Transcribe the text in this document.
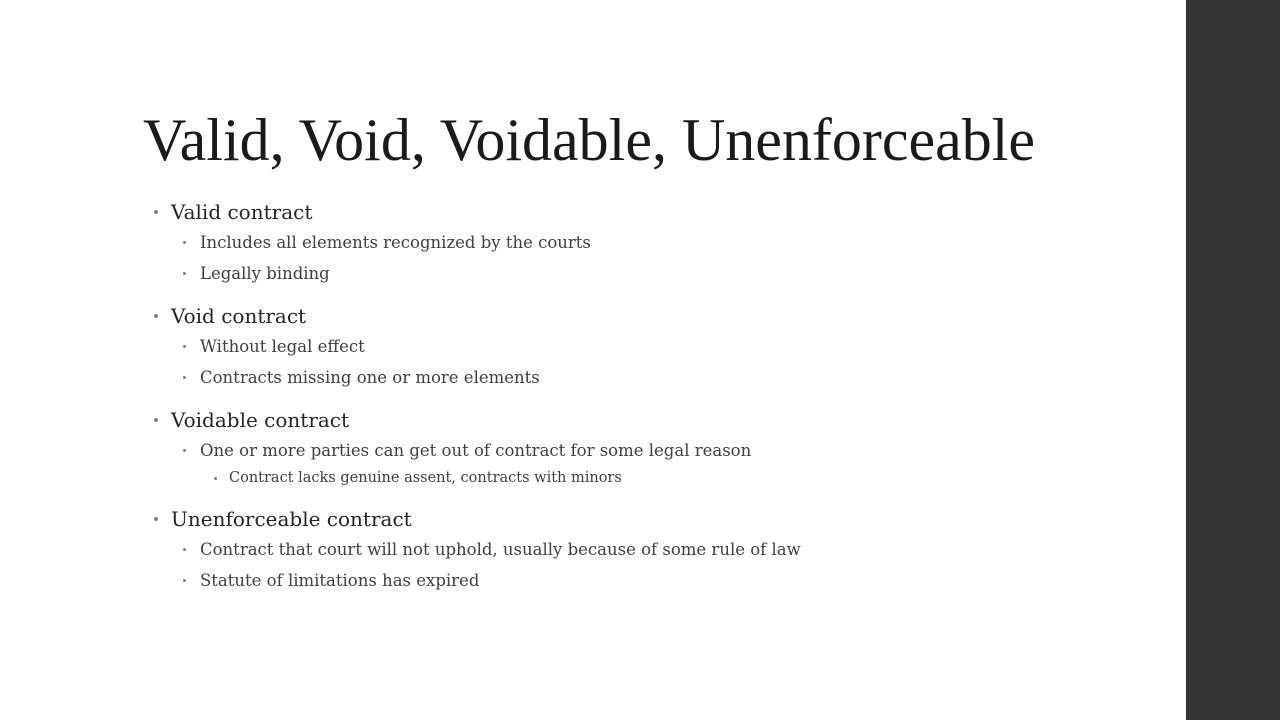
Valid, Void, Voidable, Unenforceable
Valid contract
Includes all elements recognized by the courts
Legally binding
Void contract
Without legal effect
Contracts missing one or more elements
Voidable contract
One or more parties can get out of contract for some legal reason
Contract lacks genuine assent, contracts with minors
Unenforceable contract
Contract that court will not uphold, usually because of some rule of law
Statute of limitations has expired
